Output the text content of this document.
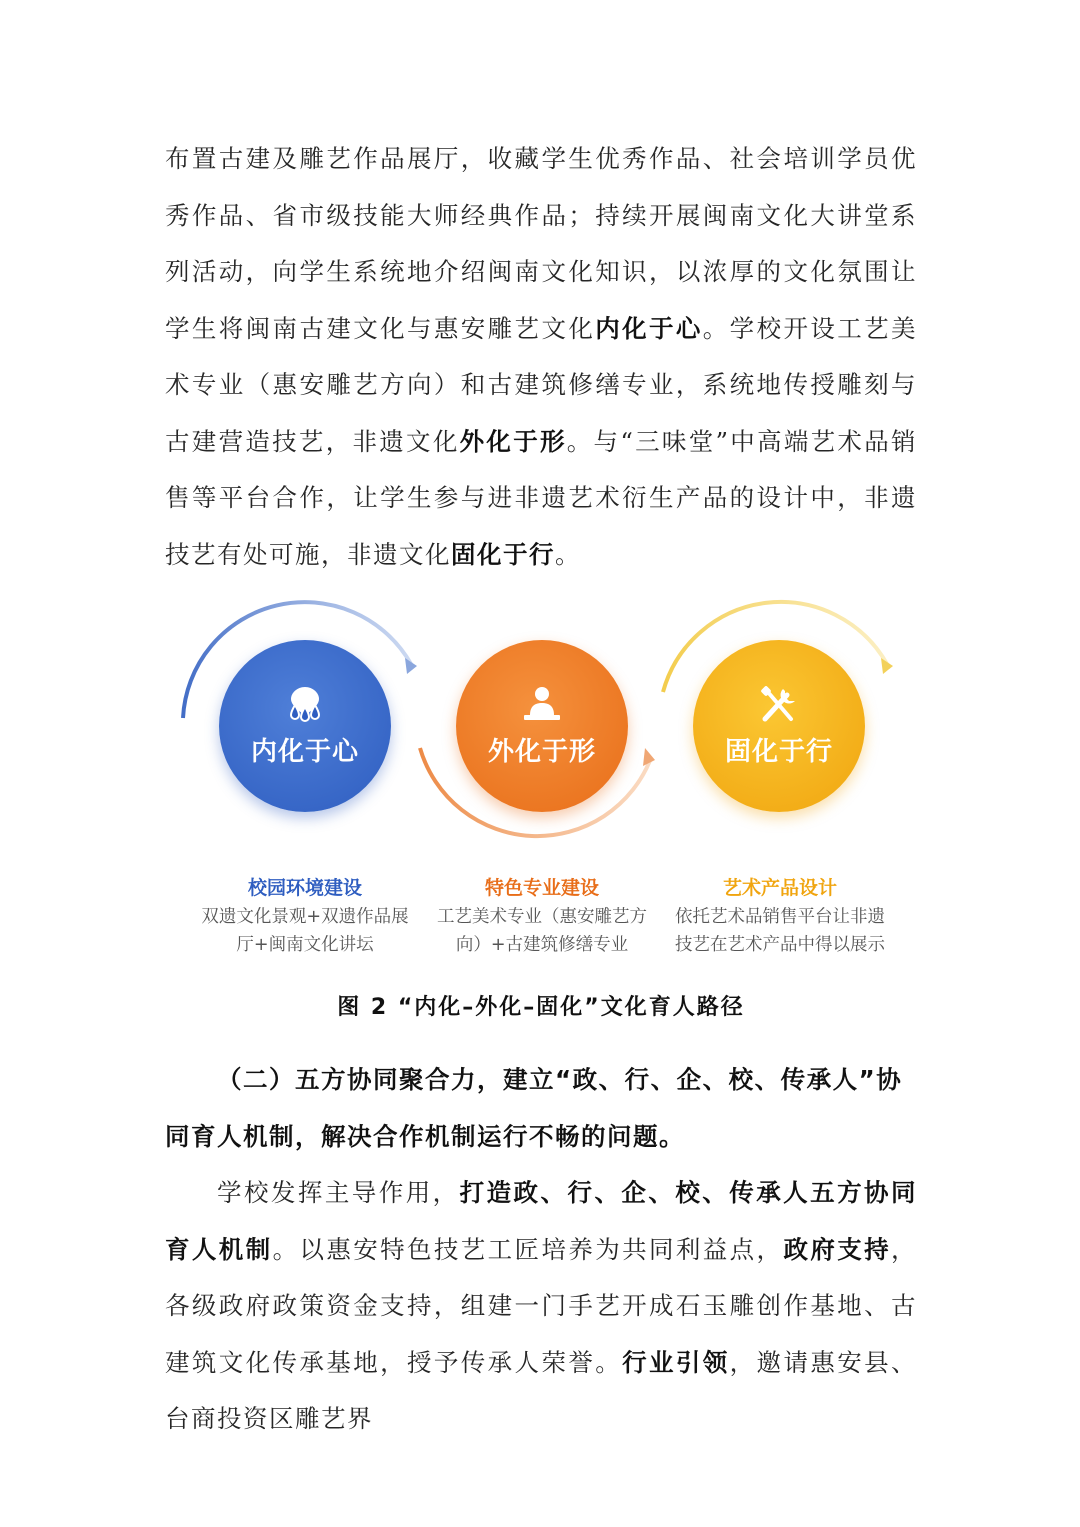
布置古建及雕艺作品展厅，收藏学生优秀作品、社会培训学员优秀作品、省市级技能大师经典作品；持续开展闽南文化大讲堂系列活动，向学生系统地介绍闽南文化知识，以浓厚的文化氛围让学生将闽南古建文化与惠安雕艺文化内化于心。学校开设工艺美术专业（惠安雕艺方向）和古建筑修缮专业，系统地传授雕刻与古建营造技艺，非遗文化外化于形。与“三味堂”中高端艺术品销售等平台合作，让学生参与进非遗艺术衍生产品的设计中，非遗技艺有处可施，非遗文化固化于行。
内化于心	外化于形	固化于行
校园环境建设
双遗文化景观+双遗作品展
厅+闽南文化讲坛
特色专业建设
工艺美术专业（惠安雕艺方
向）+古建筑修缮专业
艺术产品设计
依托艺术品销售平台让非遗
技艺在艺术产品中得以展示
图 2 “内化–外化–固化”文化育人路径
（二）五方协同聚合力，建立“政、行、企、校、传承人”协同育人机制，解决合作机制运行不畅的问题。
学校发挥主导作用，打造政、行、企、校、传承人五方协同育人机制。以惠安特色技艺工匠培养为共同利益点，政府支持，各级政府政策资金支持，组建一门手艺开成石玉雕创作基地、古建筑文化传承基地，授予传承人荣誉。行业引领，邀请惠安县、台商投资区雕艺界
